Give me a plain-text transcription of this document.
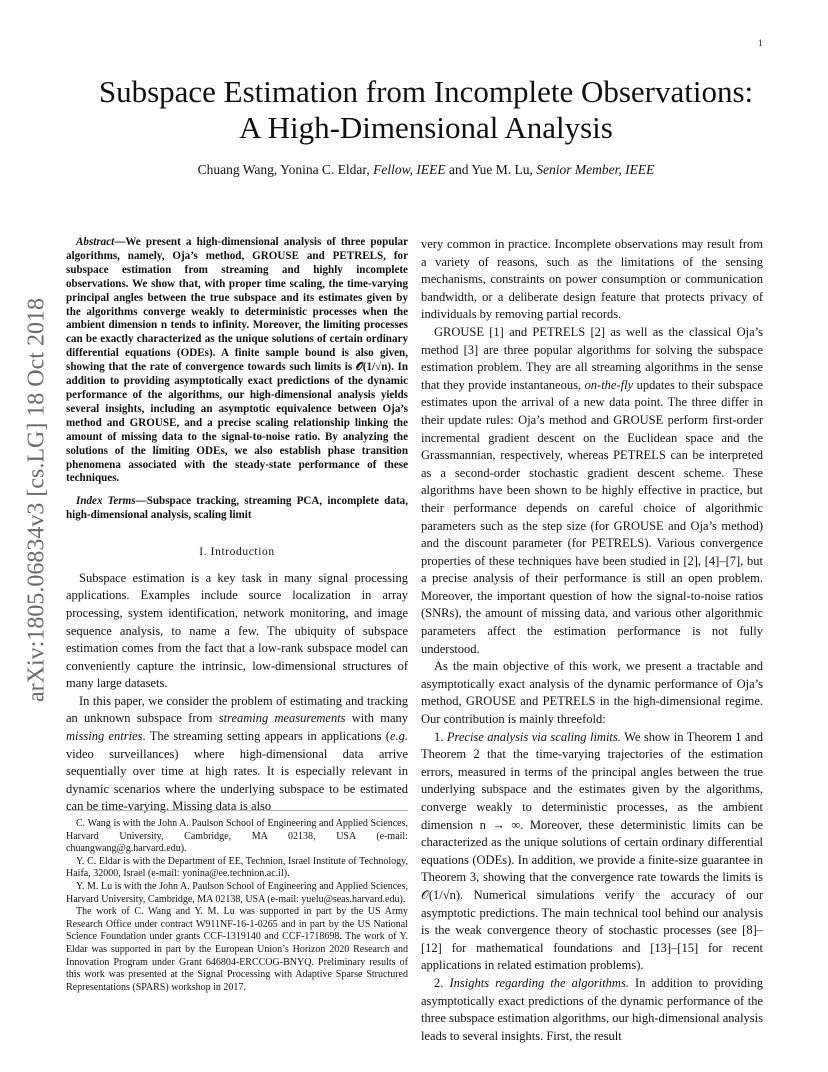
1
arXiv:1805.06834v3 [cs.LG] 18 Oct 2018
Subspace Estimation from Incomplete Observations:
A High-Dimensional Analysis
Chuang Wang, Yonina C. Eldar, Fellow, IEEE and Yue M. Lu, Senior Member, IEEE

Abstract—We present a high-dimensional analysis of three popular algorithms, namely, Oja’s method, GROUSE and PETRELS, for subspace estimation from streaming and highly incomplete observations. We show that, with proper time scaling, the time-varying principal angles between the true subspace and its estimates given by the algorithms converge weakly to deterministic processes when the ambient dimension n tends to infinity. Moreover, the limiting processes can be exactly characterized as the unique solutions of certain ordinary differential equations (ODEs). A finite sample bound is also given, showing that the rate of convergence towards such limits is 𝒪(1/√n). In addition to providing asymptotically exact predictions of the dynamic performance of the algorithms, our high-dimensional analysis yields several insights, including an asymptotic equivalence between Oja’s method and GROUSE, and a precise scaling relationship linking the amount of missing data to the signal-to-noise ratio. By analyzing the solutions of the limiting ODEs, we also establish phase transition phenomena associated with the steady-state performance of these techniques.

Index Terms—Subspace tracking, streaming PCA, incomplete data, high-dimensional analysis, scaling limit

I. Introduction

Subspace estimation is a key task in many signal processing applications. Examples include source localization in array processing, system identification, network monitoring, and image sequence analysis, to name a few. The ubiquity of subspace estimation comes from the fact that a low-rank subspace model can conveniently capture the intrinsic, low-dimensional structures of many large datasets.

In this paper, we consider the problem of estimating and tracking an unknown subspace from streaming measurements with many missing entries. The streaming setting appears in applications (e.g. video surveillances) where high-dimensional data arrive sequentially over time at high rates. It is especially relevant in dynamic scenarios where the underlying subspace to be estimated can be time-varying. Missing data is also

C. Wang is with the John A. Paulson School of Engineering and Applied Sciences, Harvard University, Cambridge, MA 02138, USA (e-mail: chuangwang@g.harvard.edu).

Y. C. Eldar is with the Department of EE, Technion, Israel Institute of Technology, Haifa, 32000, Israel (e-mail: yonina@ee.technion.ac.il).

Y. M. Lu is with the John A. Paulson School of Engineering and Applied Sciences, Harvard University, Cambridge, MA 02138, USA (e-mail: yuelu@seas.harvard.edu).

The work of C. Wang and Y. M. Lu was supported in part by the US Army Research Office under contract W911NF-16-1-0265 and in part by the US National Science Foundation under grants CCF-1319140 and CCF-1718698. The work of Y. Eldar was supported in part by the European Union’s Horizon 2020 Research and Innovation Program under Grant 646804-ERCCOG-BNYQ. Preliminary results of this work was presented at the Signal Processing with Adaptive Sparse Structured Representations (SPARS) workshop in 2017.

very common in practice. Incomplete observations may result from a variety of reasons, such as the limitations of the sensing mechanisms, constraints on power consumption or communication bandwidth, or a deliberate design feature that protects privacy of individuals by removing partial records.

GROUSE [1] and PETRELS [2] as well as the classical Oja’s method [3] are three popular algorithms for solving the subspace estimation problem. They are all streaming algorithms in the sense that they provide instantaneous, on-the-fly updates to their subspace estimates upon the arrival of a new data point. The three differ in their update rules: Oja’s method and GROUSE perform first-order incremental gradient descent on the Euclidean space and the Grassmannian, respectively, whereas PETRELS can be interpreted as a second-order stochastic gradient descent scheme. These algorithms have been shown to be highly effective in practice, but their performance depends on careful choice of algorithmic parameters such as the step size (for GROUSE and Oja’s method) and the discount parameter (for PETRELS). Various convergence properties of these techniques have been studied in [2], [4]–[7], but a precise analysis of their performance is still an open problem. Moreover, the important question of how the signal-to-noise ratios (SNRs), the amount of missing data, and various other algorithmic parameters affect the estimation performance is not fully understood.

As the main objective of this work, we present a tractable and asymptotically exact analysis of the dynamic performance of Oja’s method, GROUSE and PETRELS in the high-dimensional regime. Our contribution is mainly threefold:

1. Precise analysis via scaling limits. We show in Theorem 1 and Theorem 2 that the time-varying trajectories of the estimation errors, measured in terms of the principal angles between the true underlying subspace and the estimates given by the algorithms, converge weakly to deterministic processes, as the ambient dimension n → ∞. Moreover, these deterministic limits can be characterized as the unique solutions of certain ordinary differential equations (ODEs). In addition, we provide a finite-size guarantee in Theorem 3, showing that the convergence rate towards the limits is 𝒪(1/√n). Numerical simulations verify the accuracy of our asymptotic predictions. The main technical tool behind our analysis is the weak convergence theory of stochastic processes (see [8]–[12] for mathematical foundations and [13]–[15] for recent applications in related estimation problems).

2. Insights regarding the algorithms. In addition to providing asymptotically exact predictions of the dynamic performance of the three subspace estimation algorithms, our high-dimensional analysis leads to several insights. First, the result
